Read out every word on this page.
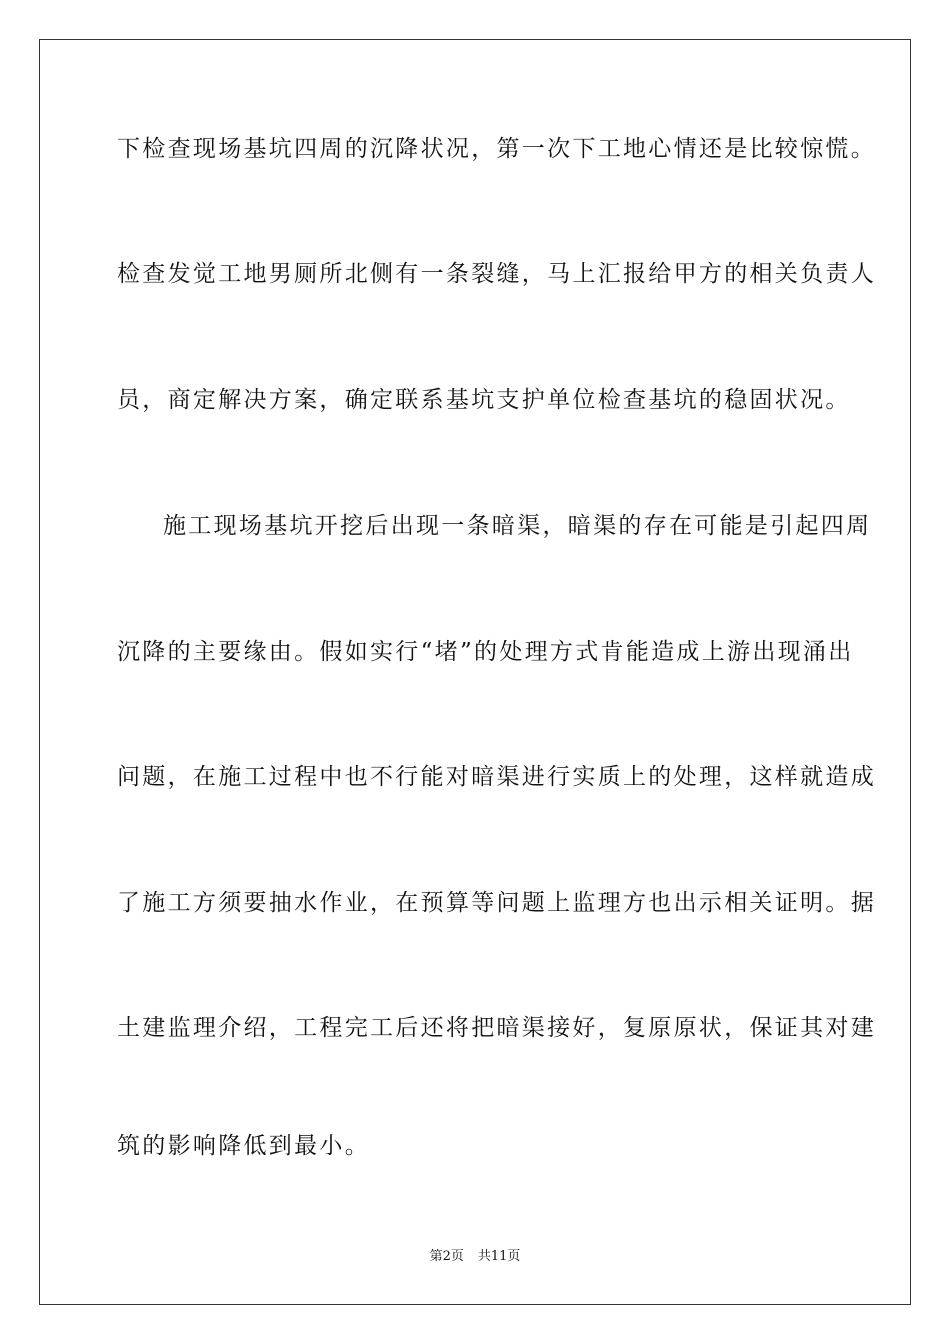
下检查现场基坑四周的沉降状况，第一次下工地心情还是比较惊慌。
检查发觉工地男厕所北侧有一条裂缝，马上汇报给甲方的相关负责人
员，商定解决方案，确定联系基坑支护单位检查基坑的稳固状况。
施工现场基坑开挖后出现一条暗渠，暗渠的存在可能是引起四周
沉降的主要缘由。假如实行“堵”的处理方式肯能造成上游出现涌出
问题，在施工过程中也不行能对暗渠进行实质上的处理，这样就造成
了施工方须要抽水作业，在预算等问题上监理方也出示相关证明。据
土建监理介绍，工程完工后还将把暗渠接好，复原原状，保证其对建
筑的影响降低到最小。
第2页 共11页
